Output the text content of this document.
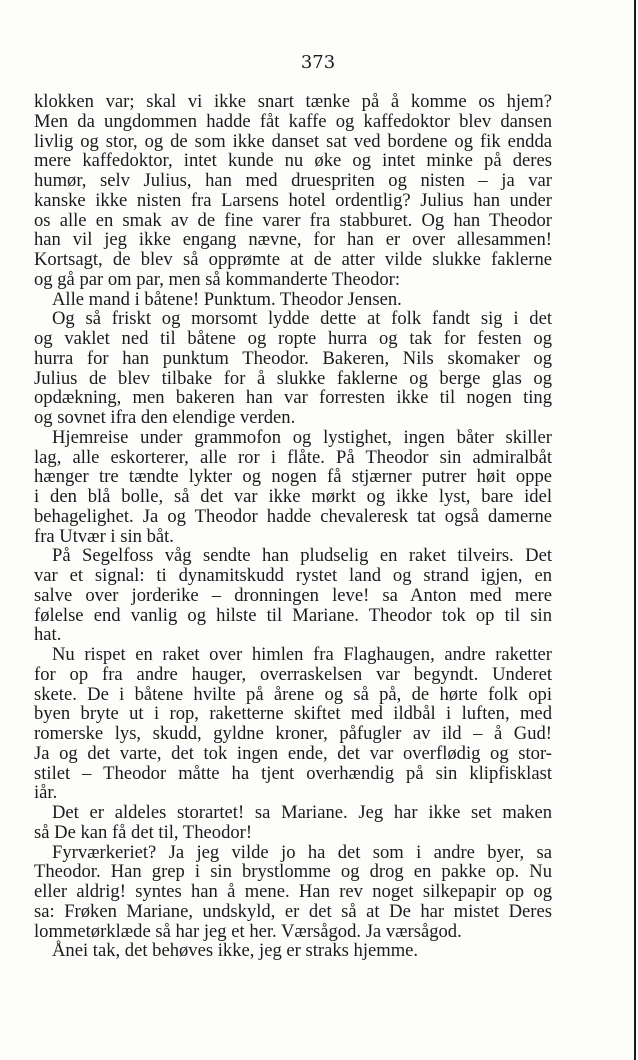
373
klokken var; skal vi ikke snart tænke på å komme os hjem?
Men da ungdommen hadde fåt kaffe og kaffedoktor blev dansen
livlig og stor, og de som ikke danset sat ved bordene og fik endda
mere kaffedoktor, intet kunde nu øke og intet minke på deres
humør, selv Julius, han med druespriten og nisten – ja var
kanske ikke nisten fra Larsens hotel ordentlig? Julius han under
os alle en smak av de fine varer fra stabburet. Og han Theodor
han vil jeg ikke engang nævne, for han er over allesammen!
Kortsagt, de blev så opprømte at de atter vilde slukke faklerne
og gå par om par, men så kommanderte Theodor:
Alle mand i båtene! Punktum. Theodor Jensen.
Og så friskt og morsomt lydde dette at folk fandt sig i det
og vaklet ned til båtene og ropte hurra og tak for festen og
hurra for han punktum Theodor. Bakeren, Nils skomaker og
Julius de blev tilbake for å slukke faklerne og berge glas og
opdækning, men bakeren han var forresten ikke til nogen ting
og sovnet ifra den elendige verden.
Hjemreise under grammofon og lystighet, ingen båter skiller
lag, alle eskorterer, alle ror i flåte. På Theodor sin admiralbåt
hænger tre tændte lykter og nogen få stjærner putrer høit oppe
i den blå bolle, så det var ikke mørkt og ikke lyst, bare idel
behagelighet. Ja og Theodor hadde chevaleresk tat også damerne
fra Utvær i sin båt.
På Segelfoss våg sendte han pludselig en raket tilveirs. Det
var et signal: ti dynamitskudd rystet land og strand igjen, en
salve over jorderike – dronningen leve! sa Anton med mere
følelse end vanlig og hilste til Mariane. Theodor tok op til sin
hat.
Nu rispet en raket over himlen fra Flaghaugen, andre raketter
for op fra andre hauger, overraskelsen var begyndt. Underet
skete. De i båtene hvilte på årene og så på, de hørte folk opi
byen bryte ut i rop, raketterne skiftet med ildbål i luften, med
romerske lys, skudd, gyldne kroner, påfugler av ild – å Gud!
Ja og det varte, det tok ingen ende, det var overflødig og stor-
stilet – Theodor måtte ha tjent overhændig på sin klipfisklast
iår.
Det er aldeles storartet! sa Mariane. Jeg har ikke set maken
så De kan få det til, Theodor!
Fyrværkeriet? Ja jeg vilde jo ha det som i andre byer, sa
Theodor. Han grep i sin brystlomme og drog en pakke op. Nu
eller aldrig! syntes han å mene. Han rev noget silkepapir op og
sa: Frøken Mariane, undskyld, er det så at De har mistet Deres
lommetørklæde så har jeg et her. Værsågod. Ja værsågod.
Ånei tak, det behøves ikke, jeg er straks hjemme.
